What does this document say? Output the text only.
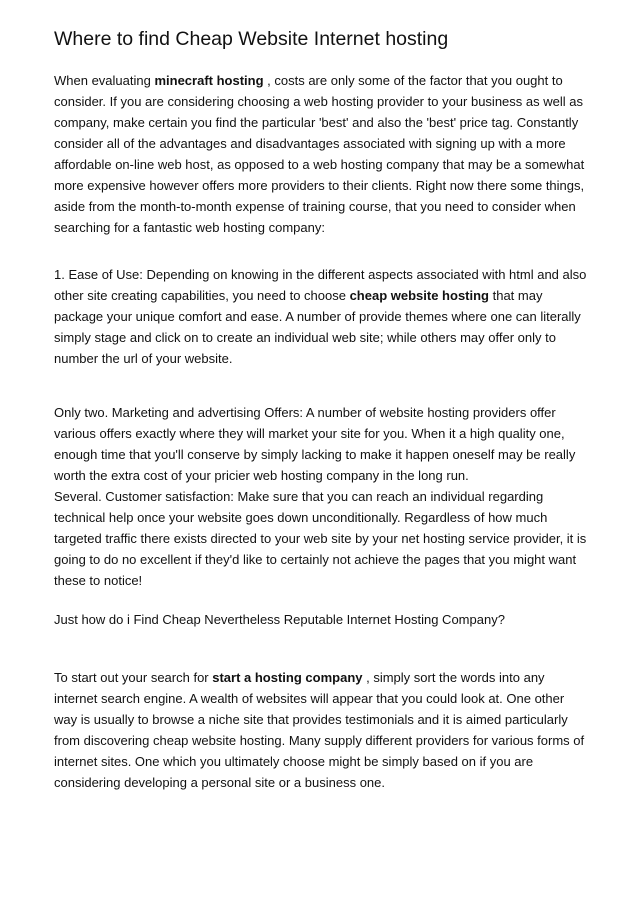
Where to find Cheap Website Internet hosting
When evaluating minecraft hosting , costs are only some of the factor that you ought to
consider. If you are considering choosing a web hosting provider to your business as well as
company, make certain you find the particular 'best' and also the 'best' price tag. Constantly
consider all of the advantages and disadvantages associated with signing up with a more
affordable on-line web host, as opposed to a web hosting company that may be a somewhat
more expensive however offers more providers to their clients. Right now there some things,
aside from the month-to-month expense of training course, that you need to consider when
searching for a fantastic web hosting company:
1. Ease of Use: Depending on knowing in the different aspects associated with html and also
other site creating capabilities, you need to choose cheap website hosting that may
package your unique comfort and ease. A number of provide themes where one can literally
simply stage and click on to create an individual web site; while others may offer only to
number the url of your website.
Only two. Marketing and advertising Offers: A number of website hosting providers offer
various offers exactly where they will market your site for you. When it a high quality one,
enough time that you'll conserve by simply lacking to make it happen oneself may be really
worth the extra cost of your pricier web hosting company in the long run.
Several. Customer satisfaction: Make sure that you can reach an individual regarding
technical help once your website goes down unconditionally. Regardless of how much
targeted traffic there exists directed to your web site by your net hosting service provider, it is
going to do no excellent if they'd like to certainly not achieve the pages that you might want
these to notice!
Just how do i Find Cheap Nevertheless Reputable Internet Hosting Company?
To start out your search for start a hosting company , simply sort the words into any
internet search engine. A wealth of websites will appear that you could look at. One other
way is usually to browse a niche site that provides testimonials and it is aimed particularly
from discovering cheap website hosting. Many supply different providers for various forms of
internet sites. One which you ultimately choose might be simply based on if you are
considering developing a personal site or a business one.
